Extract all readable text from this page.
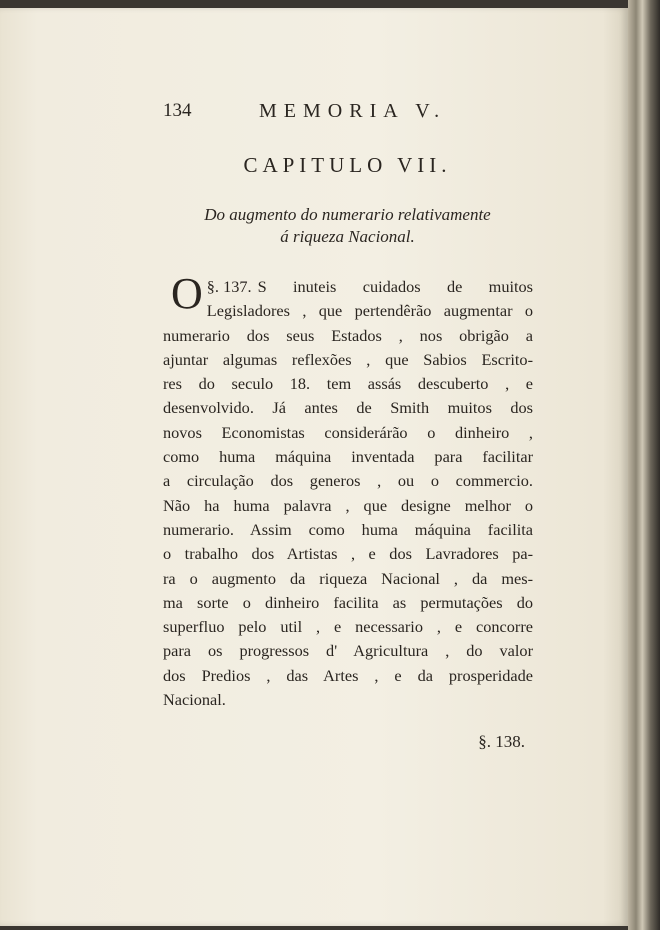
134	MEMORIA V.
CAPITULO VII.
Do augmento do numerario relativamente
á riqueza Nacional.
§. 137.
O	S inuteis cuidados de muitos
Legisladores , que pertendêrão augmentar o
numerario dos seus Estados , nos obrigão a
ajuntar algumas reflexões , que Sabios Escrito-
res do seculo 18. tem assás descuberto , e
desenvolvido. Já antes de Smith muitos dos
novos Economistas considerárão o dinheiro ,
como huma máquina inventada para facilitar
a circulação dos generos , ou o commercio.
Não ha huma palavra , que designe melhor o
numerario. Assim como huma máquina facilita
o trabalho dos Artistas , e dos Lavradores pa-
ra o augmento da riqueza Nacional , da mes-
ma sorte o dinheiro facilita as permutações do
superfluo pelo util , e necessario , e concorre
para os progressos d' Agricultura , do valor
dos Predios , das Artes , e da prosperidade
Nacional.
§. 138.
